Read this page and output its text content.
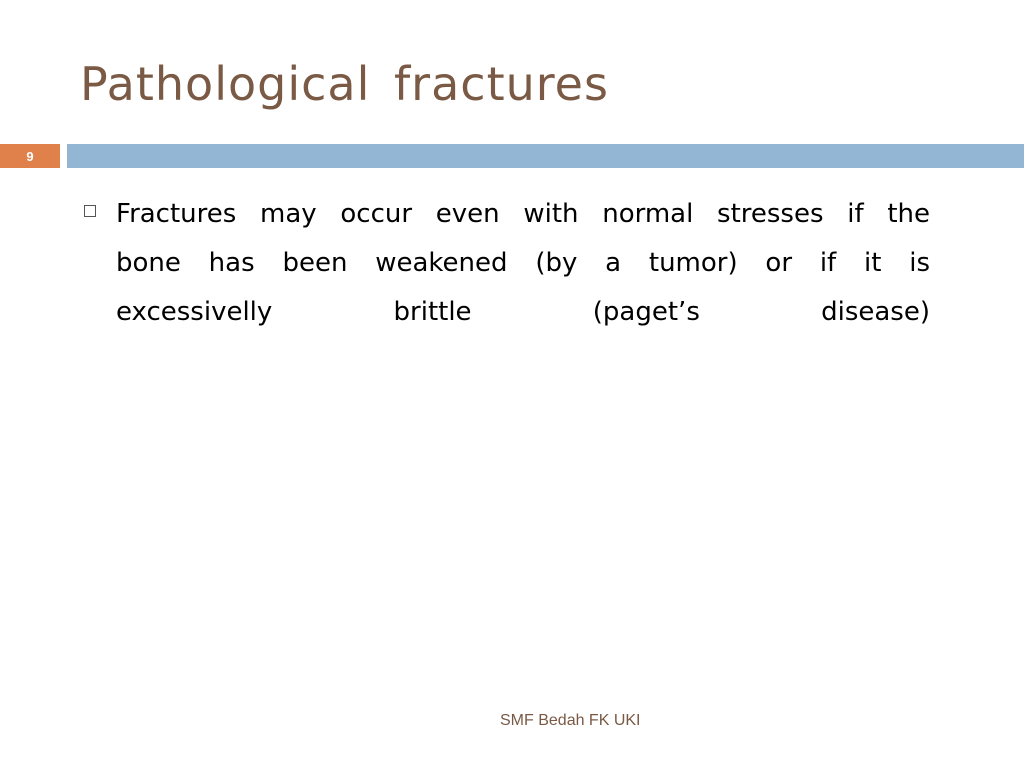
Pathological fractures
9
Fractures may occur even with normal stresses if the bone has been weakened (by a tumor) or if it is excessivelly brittle (paget’s disease)
SMF Bedah FK UKI
